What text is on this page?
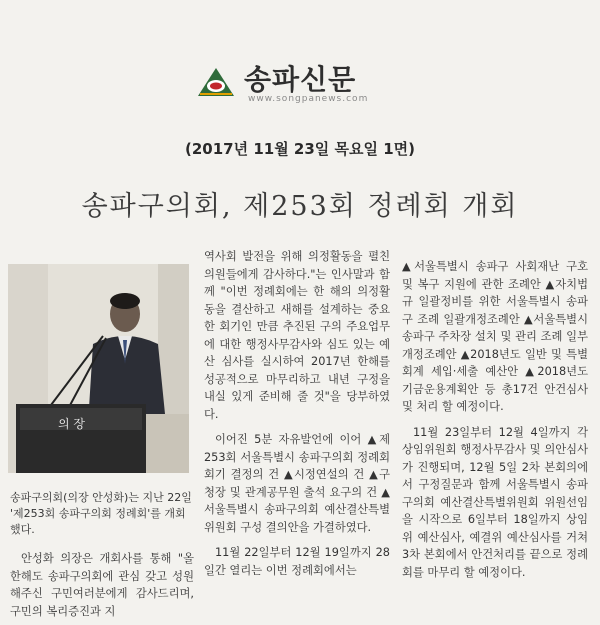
송파신문
www.songpanews.com
(2017년 11월 23일 목요일 1면)
송파구의회, 제253회 정례회 개회
의 장
송파구의회(의장 안성화)는 지난 22일 '제253회 송파구의회 정례회'를 개회했다.

안성화 의장은 개회사를 통해 "올 한해도 송파구의회에 관심 갖고 성원해주신 구민여러분에게 감사드리며, 구민의 복리증진과 지

역사회 발전을 위해 의정활동을 펼친 의원들에게 감사하다."는 인사말과 함께 "이번 정례회에는 한 해의 의정활동을 결산하고 새해를 설계하는 중요한 회기인 만큼 추진된 구의 주요업무에 대한 행정사무감사와 심도 있는 예산 심사를 실시하여 2017년 한해를 성공적으로 마무리하고 내년 구정을 내실 있게 준비해 줄 것"을 당부하였다.

이어진 5분 자유발언에 이어 ▲제253회 서울특별시 송파구의회 정례회 회기 결정의 건 ▲시정연설의 건 ▲구청장 및 관계공무원 출석 요구의 건 ▲서울특별시 송파구의회 예산결산특별위원회 구성 결의안을 가결하였다.

11월 22일부터 12월 19일까지 28일간 열리는 이번 정례회에서는

▲서울특별시 송파구 사회재난 구호 및 복구 지원에 관한 조례안 ▲자치법규 일괄정비를 위한 서울특별시 송파구 조례 일괄개정조례안 ▲서울특별시 송파구 주차장 설치 및 관리 조례 일부개정조례안 ▲2018년도 일반 및 특별회계 세입·세출 예산안 ▲2018년도 기금운용계획안 등 총17건 안건심사 및 처리 할 예정이다.

11월 23일부터 12월 4일까지 각 상임위원회 행정사무감사 및 의안심사가 진행되며, 12월 5일 2차 본회의에서 구정질문과 함께 서울특별시 송파구의회 예산결산특별위원회 위원선임을 시작으로 6일부터 18일까지 상임위 예산심사, 예결위 예산심사를 거쳐 3차 본회에서 안건처리를 끝으로 정례회를 마무리 할 예정이다.
